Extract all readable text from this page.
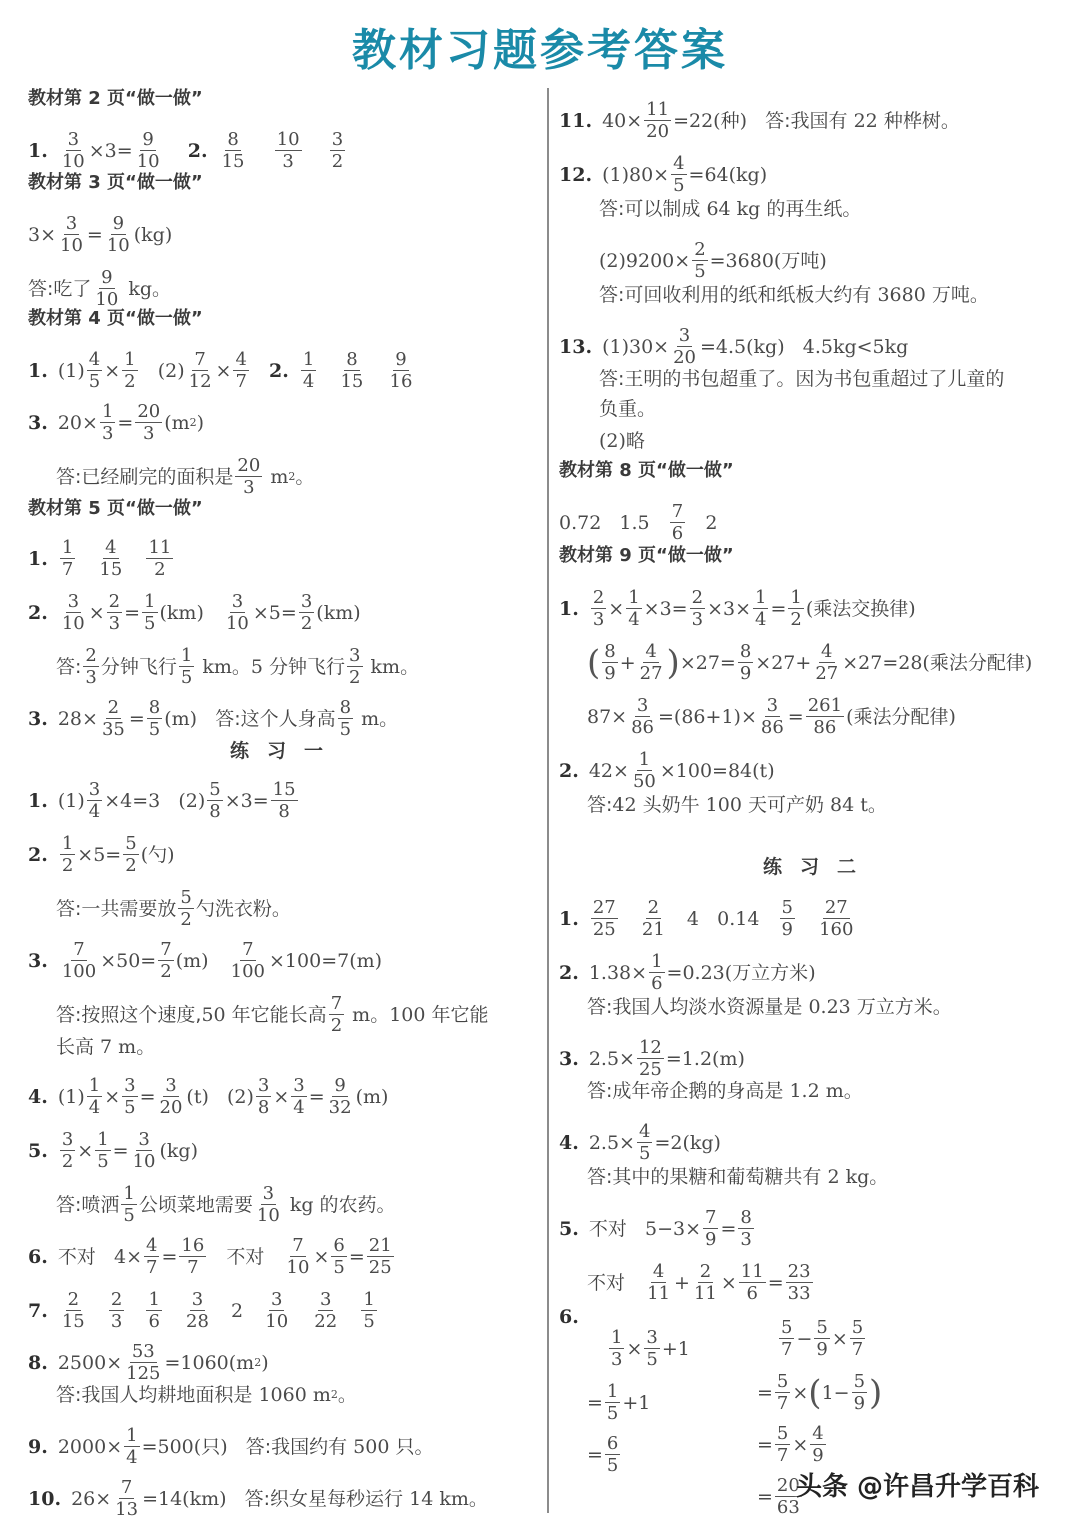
教材习题参考答案
教材第 2 页“做一做”
1. $\frac{3}{10} \times 3= \frac{9}{10}$
2. $\frac{8}{15}$
$\frac{10}{3}$
$\frac{3}{2}$
教材第 3 页“做一做”
$3\times \frac{3}{10} = \frac{9}{10} (kg)$
答:吃了 $\frac{9}{10}$ kg。
教材第 4 页“做一做”
1. $(1) \frac{4}{5} \times \frac{1}{2} (2) \frac{7}{12} \times \frac{4}{7}$
2. $\frac{1}{4}$
$\frac{8}{15}$
$\frac{9}{16}$
3. $20\times \frac{1}{3} = \frac{20}{3} (m$ 2 )
答:已经刷完的面积是 $\frac{20}{3}$ m 2 。
教材第 5 页“做一做”
1. $\frac{1}{7}$
$\frac{4}{15}$
$\frac{11}{2}$
2. $\frac{3}{10} \times \frac{2}{3} = \frac{1}{5} (km) \frac{3}{10} \times 5= \frac{3}{2} (km)$
答: $\frac{2}{3}$ 分钟飞行 $\frac{1}{5}$ km。5 分钟飞行 $\frac{3}{2}$ km。
3. $28\times \frac{2}{35} = \frac{8}{5} (m)$ 答:这个人身高 $\frac{8}{5}$ m。
练习一
1. $(1) \frac{3}{4} \times 4=3$   $(2) \frac{5}{8} \times 3= \frac{15}{8}$
2. $\frac{1}{2} \times 5= \frac{5}{2}$ ( 勺 )
答:一共需要放 $\frac{5}{2}$ 勺洗衣粉。
3. $\frac{7}{100} \times 50= \frac{7}{2} (m) \frac{7}{100} \times 100=7(m)$
答:按照这个速度, 50 年它能长高 $\frac{7}{2}$ m。100 年它能
长高 7 m。
4. $(1) \frac{1}{4} \times \frac{3}{5} = \frac{3}{20} (t)$   $(2) \frac{3}{8} \times \frac{3}{4} = \frac{9}{32} (m)$
5. $\frac{3}{2} \times \frac{1}{5} = \frac{3}{10} (kg)$
答:喷洒 $\frac{1}{5}$ 公顷菜地需要 $\frac{3}{10}$ kg 的农药。
6. 不对 $4\times \frac{4}{7} = \frac{16}{7}$
不对
$\frac{7}{10} \times \frac{6}{5} = \frac{21}{25}$
7. $\frac{2}{15}$
$\frac{2}{3}$
$\frac{1}{6}$
$\frac{3}{28} 2 \frac{3}{10}$
$\frac{3}{22}$
$\frac{1}{5}$
8. $2500\times \frac{53}{125} =1060(m$ 2 )
答:我国人均耕地面积是 1060 m 2 。
9. $2000\times \frac{1}{4} =500$( 只 ) 答:我国约有 500 只。
10. $26\times \frac{7}{13} =14(km)$ 答:织女星每秒运行 14 km。
11. $40\times \frac{11}{20} =22$( 种 ) 答:我国有 22 种桦树。
12. $(1)80\times \frac{4}{5} =64(kg)$
答:可以制成 64 kg 的再生纸。
$(2)9200\times \frac{2}{5} =3680$( 万吨 )
答:可回收利用的纸和纸板大约有 3680 万吨。
13. $(1)30\times \frac{3}{20} =4.5(kg)$   4.5kg<5kg
答:王明的书包超重了。因为书包重超过了儿童的
负重。
(2) 略
教材第 8 页“做一做”
0.72   $1.5 \frac{7}{6} 2$
教材第 9 页“做一做”
1. $\frac{2}{3} \times \frac{1}{4} \times 3= \frac{2}{3} \times 3\times \frac{1}{4} = \frac{1}{2}$ ( 乘法交换律 )
( $\frac{8}{9} + \frac{4}{27}$ ) $\times 27= \frac{8}{9} \times 27+ \frac{4}{27} \times 27=28$( 乘法分配律 )
$87\times \frac{3}{86} =(86+1)\times \frac{3}{86} = \frac{261}{86}$ ( 乘法分配律 )
2. $42\times \frac{1}{50} \times 100=84(t)$
答: 42 头奶牛 100 天可产奶 84 t。
练习二
1. $\frac{27}{25}$
$\frac{2}{21} 4$   $0.14 \frac{5}{9}$
$\frac{27}{160}$
2. $1.38\times \frac{1}{6} =0.23$( 万立方米 )
答:我国人均淡水资源量是 0.23 万立方米。
3. $2.5\times \frac{12}{25} =1.2(m)$
答:成年帝企鹅的身高是 1.2 m。
4. $2.5\times \frac{4}{5} =2(kg)$
答:其中的果糖和葡萄糖共有 2 kg。
5. 不对 $5-3\times \frac{7}{9} = \frac{8}{3}$
不对
$\frac{4}{11} + \frac{2}{11} \times \frac{11}{6} = \frac{23}{33}$
6.
$\frac{1}{3} \times \frac{3}{5} +1$
= $\frac{1}{5} +1$
= $\frac{6}{5}$
$\frac{5}{7} - \frac{5}{9} \times \frac{5}{7}$
= $\frac{5}{7}$ × ( $1- \frac{5}{9}$ )
= $\frac{5}{7} \times \frac{4}{9}$
= $\frac{20}{63}$
头条 @许昌升学百科
